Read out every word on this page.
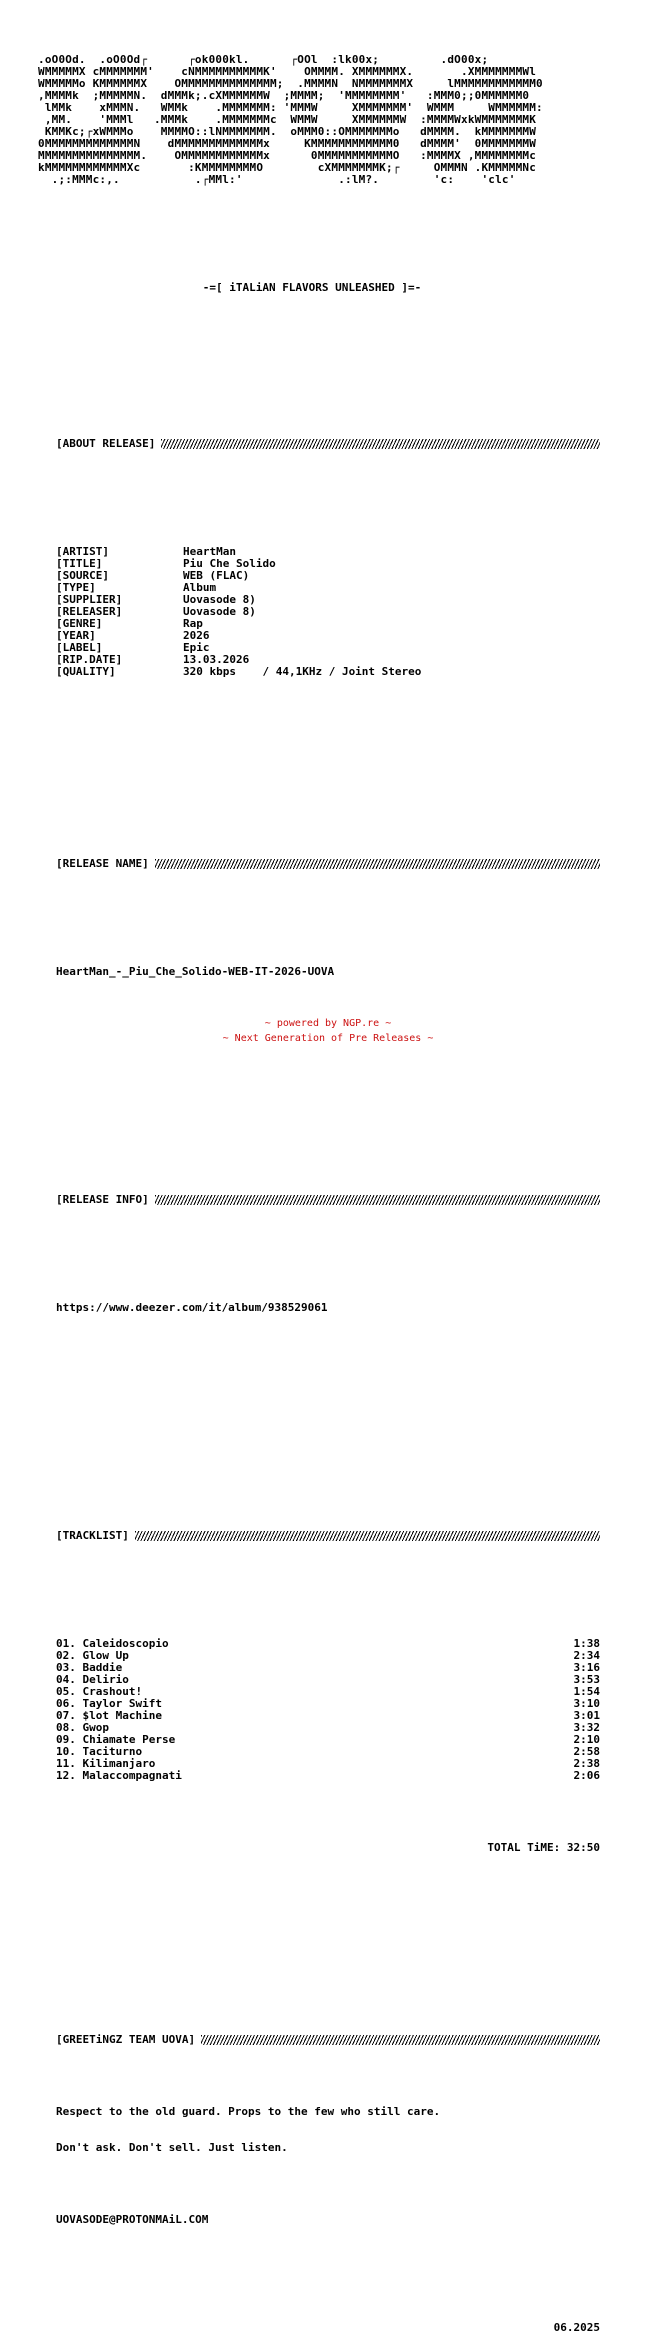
.oO0Od.  .oO0Od┌      ┌ok000kl.      ┌OOl  :lk00x;         .dO00x;
WMMMMMX cMMMMMMM'    cNMMMMMMMMMMK'    OMMMM. XMMMMMMX.       .XMMMMMMMWl
WMMMMMo KMMMMMMX    OMMMMMMMMMMMMMM;  .MMMMN  NMMMMMMMX     lMMMMMMMMMMMM0
,MMMMk  ;MMMMMN.  dMMMk;.cXMMMMMMW  ;MMMM;  'MMMMMMMM'   :MMM0;;0MMMMMM0
lMMk    xMMMN.   WMMk    .MMMMMMM: 'MMMW     XMMMMMMM'  WMMM     WMMMMMM:
,MM.    'MMMl   .MMMk    .MMMMMMMc  WMMW     XMMMMMMW  :MMMMWxkWMMMMMMMK
KMMKc;┌xWMMMo    MMMMO::lNMMMMMMM.  oMMM0::OMMMMMMMo   dMMMM.  kMMMMMMMW
0MMMMMMMMMMMMMN    dMMMMMMMMMMMMMx     KMMMMMMMMMMMM0   dMMMM'  0MMMMMMMW
MMMMMMMMMMMMMMM.    OMMMMMMMMMMMMx      0MMMMMMMMMMMO   :MMMMX ,MMMMMMMMc
kMMMMMMMMMMMMXc       :KMMMMMMMMO        cXMMMMMMMK;┌     OMMMN .KMMMMMNc
.;:MMMc:,.           .┌MMl:'              .:lM?.        'c:    'clc'

-=[ iTALiAN FLAVORS UNLEASHED ]=-

[ABOUT RELEASE]

[ARTIST]	HeartMan
[TITLE]	Piu Che Solido
[SOURCE]	WEB (FLAC)
[TYPE]	Album
[SUPPLIER]	Uovasode 8)
[RELEASER]	Uovasode 8)
[GENRE]	Rap
[YEAR]	2026
[LABEL]	Epic
[RIP.DATE]	13.03.2026
[QUALITY]	320 kbps    / 44,1KHz / Joint Stereo

[RELEASE NAME]

HeartMan_-_Piu_Che_Solido-WEB-IT-2026-UOVA

[RELEASE INFO]

https://www.deezer.com/it/album/938529061

[TRACKLIST]

01. Caleidoscopio	1:38
02. Glow Up	2:34
03. Baddie	3:16
04. Delirio	3:53
05. Crashout!	1:54
06. Taylor Swift	3:10
07. $lot Machine	3:01
08. Gwop	3:32
09. Chiamate Perse	2:10
10. Taciturno	2:58
11. Kilimanjaro	2:38
12. Malaccompagnati	2:06

TOTAL TiME: 32:50

[GREETiNGZ TEAM UOVA]

Respect to the old guard. Props to the few who still care.

Don't ask. Don't sell. Just listen.

UOVASODE@PROTONMAiL.COM

06.2025

~ powered by NGP.re ~
~ Next Generation of Pre Releases ~
